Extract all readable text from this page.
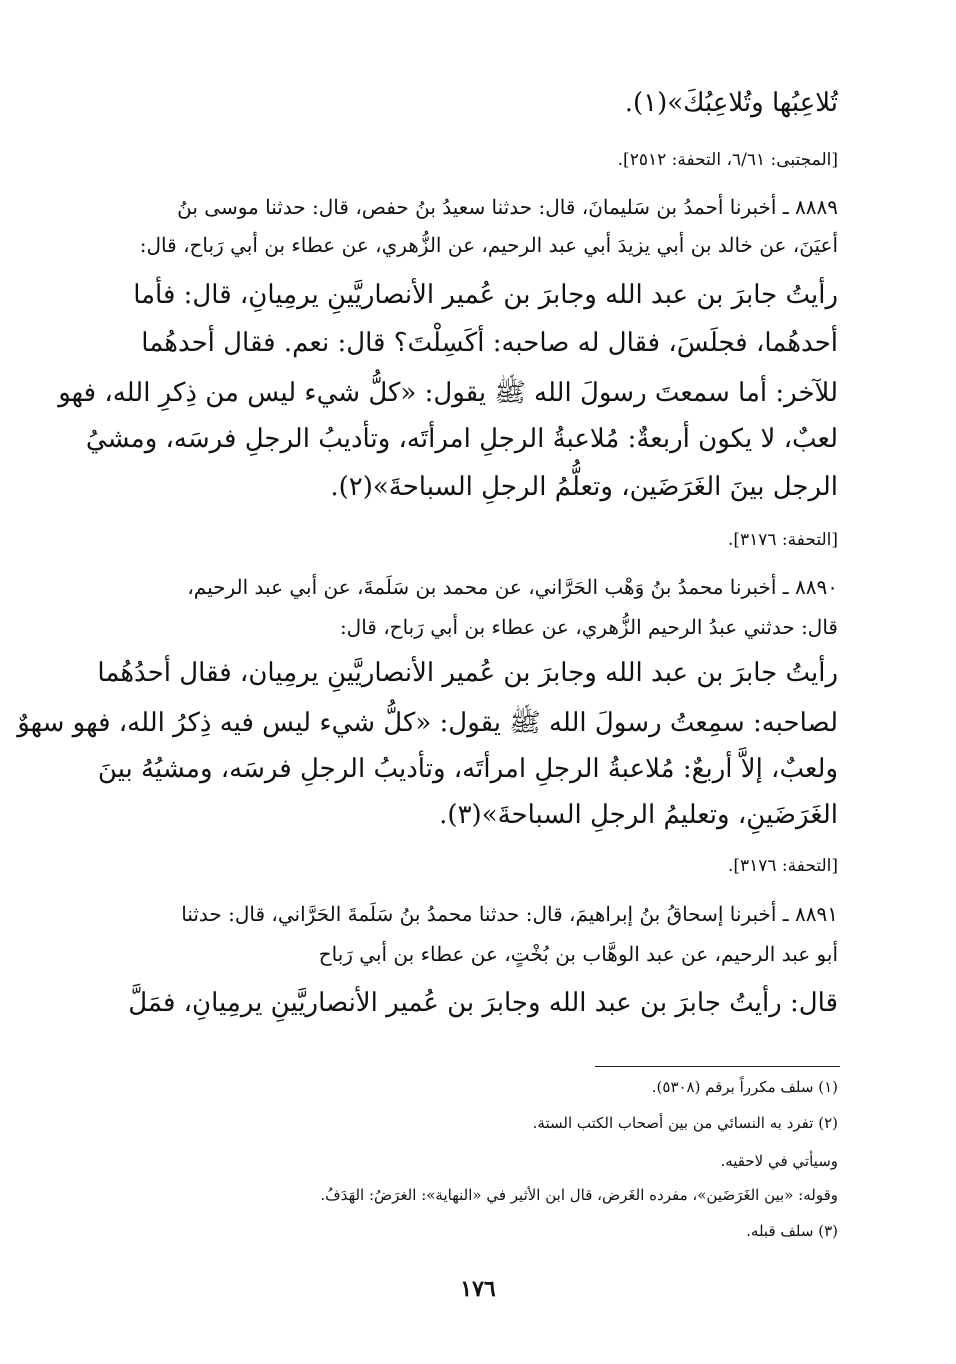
تُلاعِبُها وتُلاعِبُكَ»(١).
[المجتبى: ٦/٦١، التحفة: ٢٥١٢].
٨٨٨٩ ـ أخبرنا أحمدُ بن سَليمانَ، قال: حدثنا سعيدُ بنُ حفص، قال: حدثنا موسى بنُ
أعيَنَ، عن خالد بن أبي يزيدَ أبي عبد الرحيم، عن الزُّهري، عن عطاء بن أبي رَباح، قال:
رأيتُ جابرَ بن عبد الله وجابرَ بن عُمير الأنصاريَّينِ يرمِيانِ، قال: فأما
أحدهُما، فجلَسَ، فقال له صاحبه: أكَسِلْتَ؟ قال: نعم. فقال أحدهُما
للآخر: أما سمعتَ رسولَ الله ﷺ يقول: «كلُّ شيء ليس من ذِكرِ الله، فهو
لعبٌ، لا يكون أربعةٌ: مُلاعبةُ الرجلِ امرأتَه، وتأديبُ الرجلِ فرسَه، ومشيُ
الرجل بينَ الغَرَضَين، وتعلُّمُ الرجلِ السباحةَ»(٢).
[التحفة: ٣١٧٦].
٨٨٩٠ ـ أخبرنا محمدُ بنُ وَهْب الحَرَّاني، عن محمد بن سَلَمةَ، عن أبي عبد الرحيم،
قال: حدثني عبدُ الرحيم الزُّهري، عن عطاء بن أبي رَباح، قال:
رأيتُ جابرَ بن عبد الله وجابرَ بن عُمير الأنصاريَّينِ يرمِيان، فقال أحدُهُما
لصاحبه: سمِعتُ رسولَ الله ﷺ يقول: «كلُّ شيء ليس فيه ذِكرُ الله، فهو سهوٌ
ولعبٌ، إلاَّ أربعٌ: مُلاعبةُ الرجلِ امرأتَه، وتأديبُ الرجلِ فرسَه، ومشيُهُ بينَ
الغَرَضَينِ، وتعليمُ الرجلِ السباحةَ»(٣).
[التحفة: ٣١٧٦].
٨٨٩١ ـ أخبرنا إسحاقُ بنُ إبراهيمَ، قال: حدثنا محمدُ بنُ سَلَمةَ الحَرَّاني، قال: حدثنا
أبو عبد الرحيم، عن عبد الوهَّاب بن بُخْتٍ، عن عطاء بن أبي رَباح
قال: رأيتُ جابرَ بن عبد الله وجابرَ بن عُمير الأنصاريَّينِ يرمِيانِ، فمَلَّ
(١) سلف مكرراً برقم (٥٣٠٨).
(٢) تفرد به النسائي من بين أصحاب الكتب الستة.
وسيأتي في لاحقيه.
وقوله: «بين الغَرَضَين»، مفرده الغَرض، قال ابن الأثير في «النهاية»: الغرَضُ: الهَدَفُ.
(٣) سلف قبله.
١٧٦
